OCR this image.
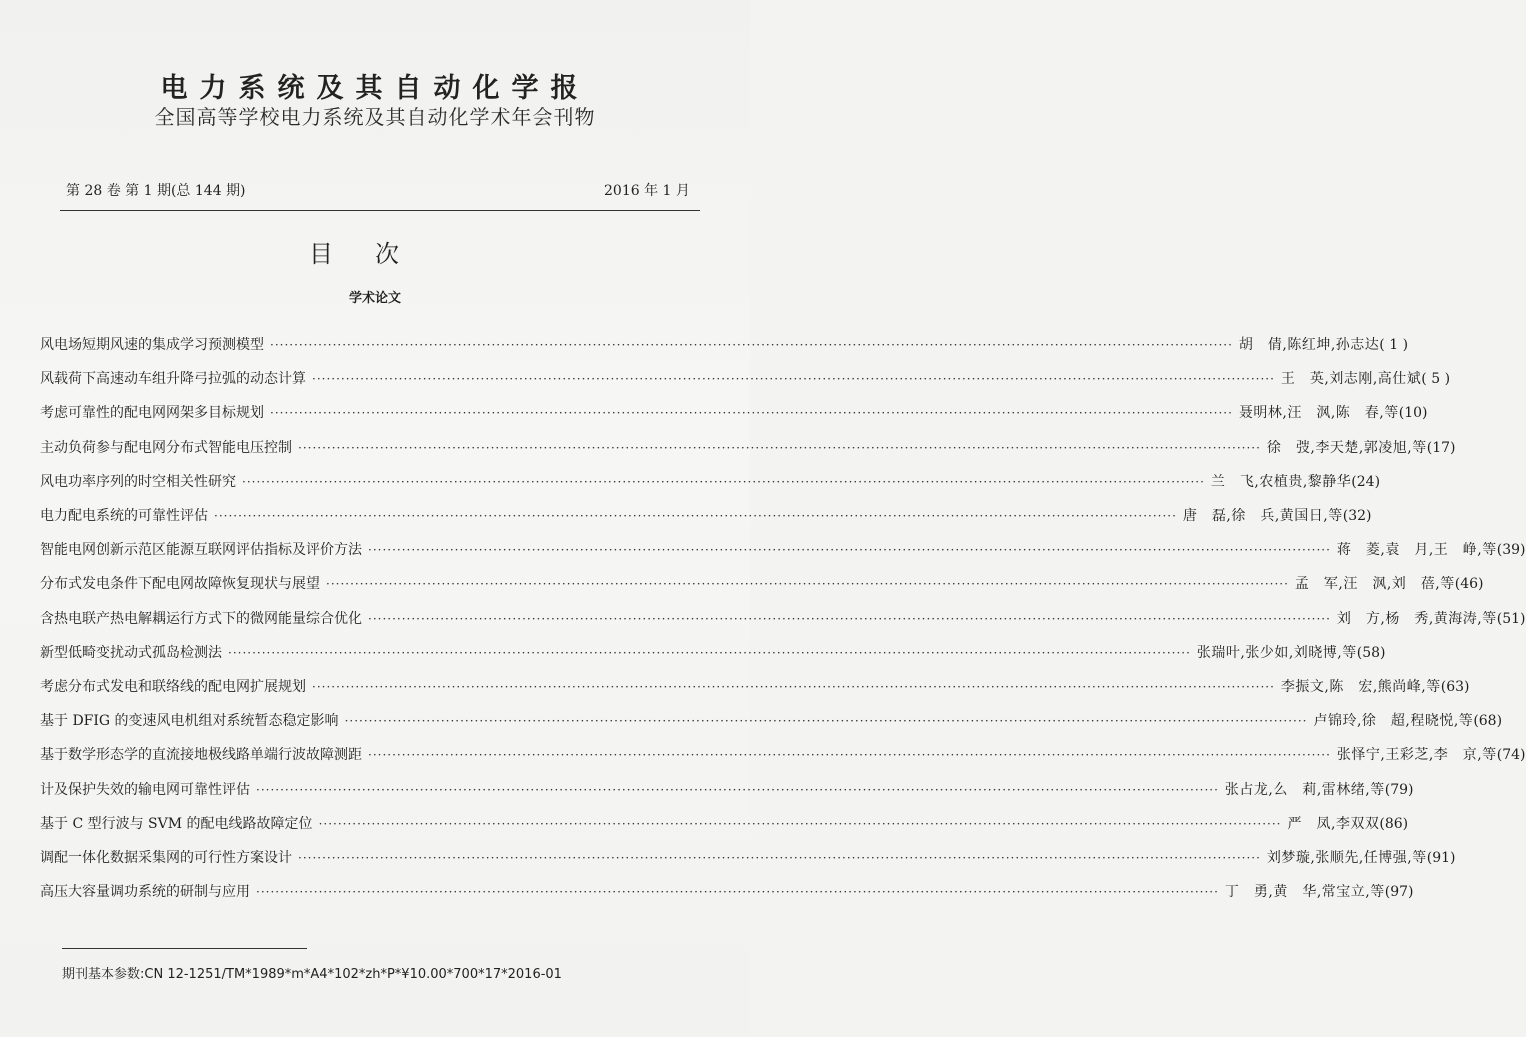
电力系统及其自动化学报
全国高等学校电力系统及其自动化学术年会刊物
第 28 卷 第 1 期(总 144 期)	2016 年 1 月
目次
学术论文
风电场短期风速的集成学习预测模型 ········································································································································································································ 胡　倩,陈红坤,孙志达 ( 1 )
风载荷下高速动车组升降弓拉弧的动态计算 ········································································································································································································ 王　英,刘志刚,高仕斌 ( 5 )
考虑可靠性的配电网网架多目标规划 ········································································································································································································ 聂明林,汪　沨,陈　春,等 (10)
主动负荷参与配电网分布式智能电压控制 ········································································································································································································ 徐　弢,李天楚,郭凌旭,等 (17)
风电功率序列的时空相关性研究 ········································································································································································································ 兰　飞,农植贵,黎静华 (24)
电力配电系统的可靠性评估 ········································································································································································································ 唐　磊,徐　兵,黄国日,等 (32)
智能电网创新示范区能源互联网评估指标及评价方法 ········································································································································································································ 蒋　菱,袁　月,王　峥,等 (39)
分布式发电条件下配电网故障恢复现状与展望 ········································································································································································································ 孟　军,汪　沨,刘　蓓,等 (46)
含热电联产热电解耦运行方式下的微网能量综合优化 ········································································································································································································ 刘　方,杨　秀,黄海涛,等 (51)
新型低畸变扰动式孤岛检测法 ········································································································································································································ 张瑞叶,张少如,刘晓博,等 (58)
考虑分布式发电和联络线的配电网扩展规划 ········································································································································································································ 李振文,陈　宏,熊尚峰,等 (63)
基于 DFIG 的变速风电机组对系统暂态稳定影响 ········································································································································································································ 卢锦玲,徐　超,程晓悦,等 (68)
基于数学形态学的直流接地极线路单端行波故障测距 ········································································································································································································ 张怿宁,王彩芝,李　京,等 (74)
计及保护失效的输电网可靠性评估 ········································································································································································································ 张占龙,么　莉,雷林绪,等 (79)
基于 C 型行波与 SVM 的配电线路故障定位 ········································································································································································································ 严　凤,李双双 (86)
调配一体化数据采集网的可行性方案设计 ········································································································································································································ 刘梦璇,张顺先,任博强,等 (91)
高压大容量调功系统的研制与应用 ········································································································································································································ 丁　勇,黄　华,常宝立,等 (97)
期刊基本参数:CN 12-1251/TM*1989*m*A4*102*zh*P*¥10.00*700*17*2016-01
